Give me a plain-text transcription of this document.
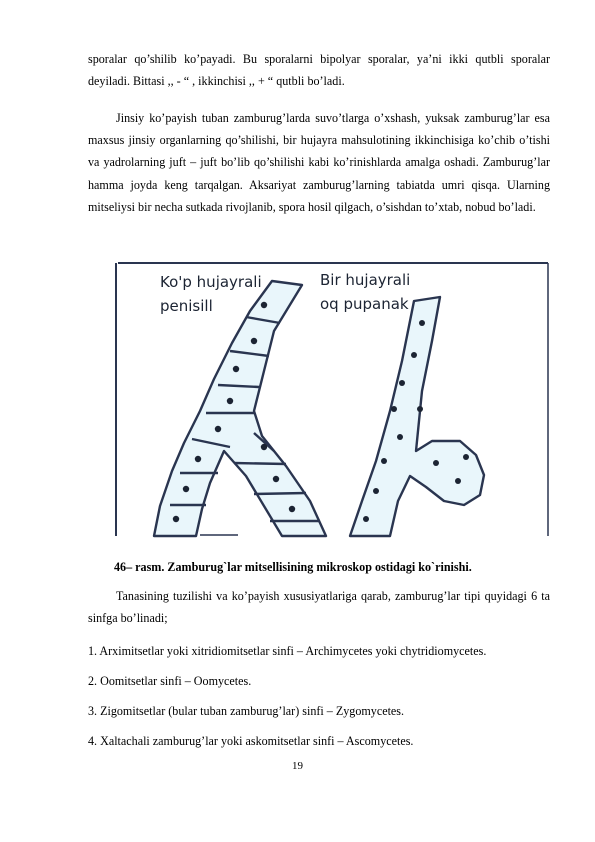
sporalar qo’shilib ko’payadi. Bu sporalarni bipolyar sporalar, ya’ni ikki qutbli sporalar deyiladi. Bittasi ,, - “ , ikkinchisi ,, + “ qutbli bo’ladi.
Jinsiy ko’payish tuban zamburug’larda suvo’tlarga o’xshash, yuksak zamburug’lar esa maxsus jinsiy organlarning qo’shilishi, bir hujayra mahsulotining ikkinchisiga ko’chib o’tishi va yadrolarning juft – juft bo’lib qo’shilishi kabi ko’rinishlarda amalga oshadi. Zamburug’lar hamma joyda keng tarqalgan. Aksariyat zamburug’larning tabiatda umri qisqa. Ularning mitseliysi bir necha sutkada rivojlanib, spora hosil qilgach, o’sishdan to’xtab, nobud bo’ladi.
Ko'p hujayrali
penisill
Bir hujayrali
oq pupanak
46– rasm. Zamburug`lar mitsellisining mikroskop ostidagi ko`rinishi.
Tanasining tuzilishi va ko’payish xususiyatlariga qarab, zamburug’lar tipi quyidagi 6 ta sinfga bo’linadi;
1. Arximitsetlar yoki xitridiomitsetlar sinfi – Archimycetes yoki chytridiomycetes.
2. Oomitsetlar sinfi – Oomycetes.
3. Zigomitsetlar (bular tuban zamburug’lar) sinfi – Zygomycetes.
4. Xaltachali zamburug’lar yoki askomitsetlar sinfi – Ascomycetes.
19
